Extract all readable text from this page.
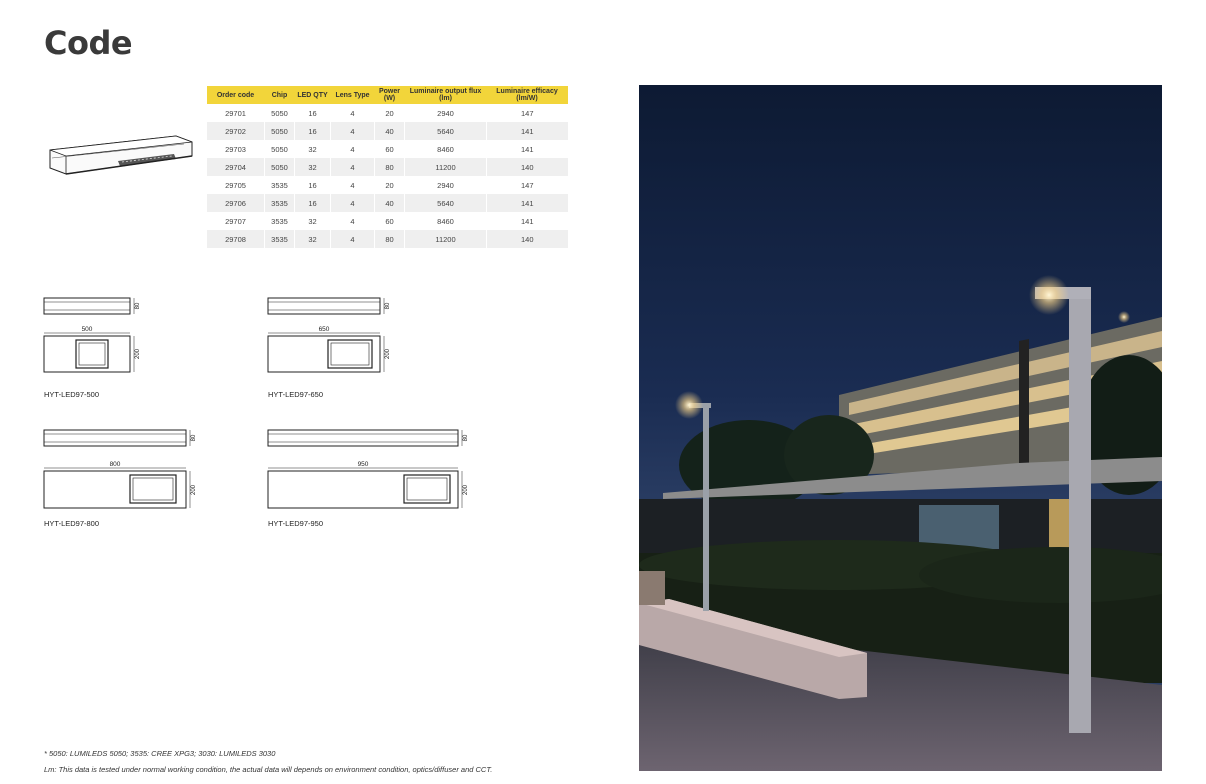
Code
Order code	Chip	LED QTY	Lens Type	Power (W)	Luminaire output flux (lm)	Luminaire efficacy (lm/W)
29701	5050	16	4	20	2940	147
29702	5050	16	4	40	5640	141
29703	5050	32	4	60	8460	141
29704	5050	32	4	80	11200	140
29705	3535	16	4	20	2940	147
29706	3535	16	4	40	5640	141
29707	3535	32	4	60	8460	141
29708	3535	32	4	80	11200	140
80
500
200
HYT-LED97-500
80
650
200
HYT-LED97-650
80
800
200
HYT-LED97-800
80
950
200
HYT-LED97-950
* 5050: LUMILEDS 5050; 3535: CREE XPG3; 3030: LUMILEDS 3030
Lm: This data is tested under normal working condition, the actual data will depends on environment condition, optics/diffuser and CCT.
